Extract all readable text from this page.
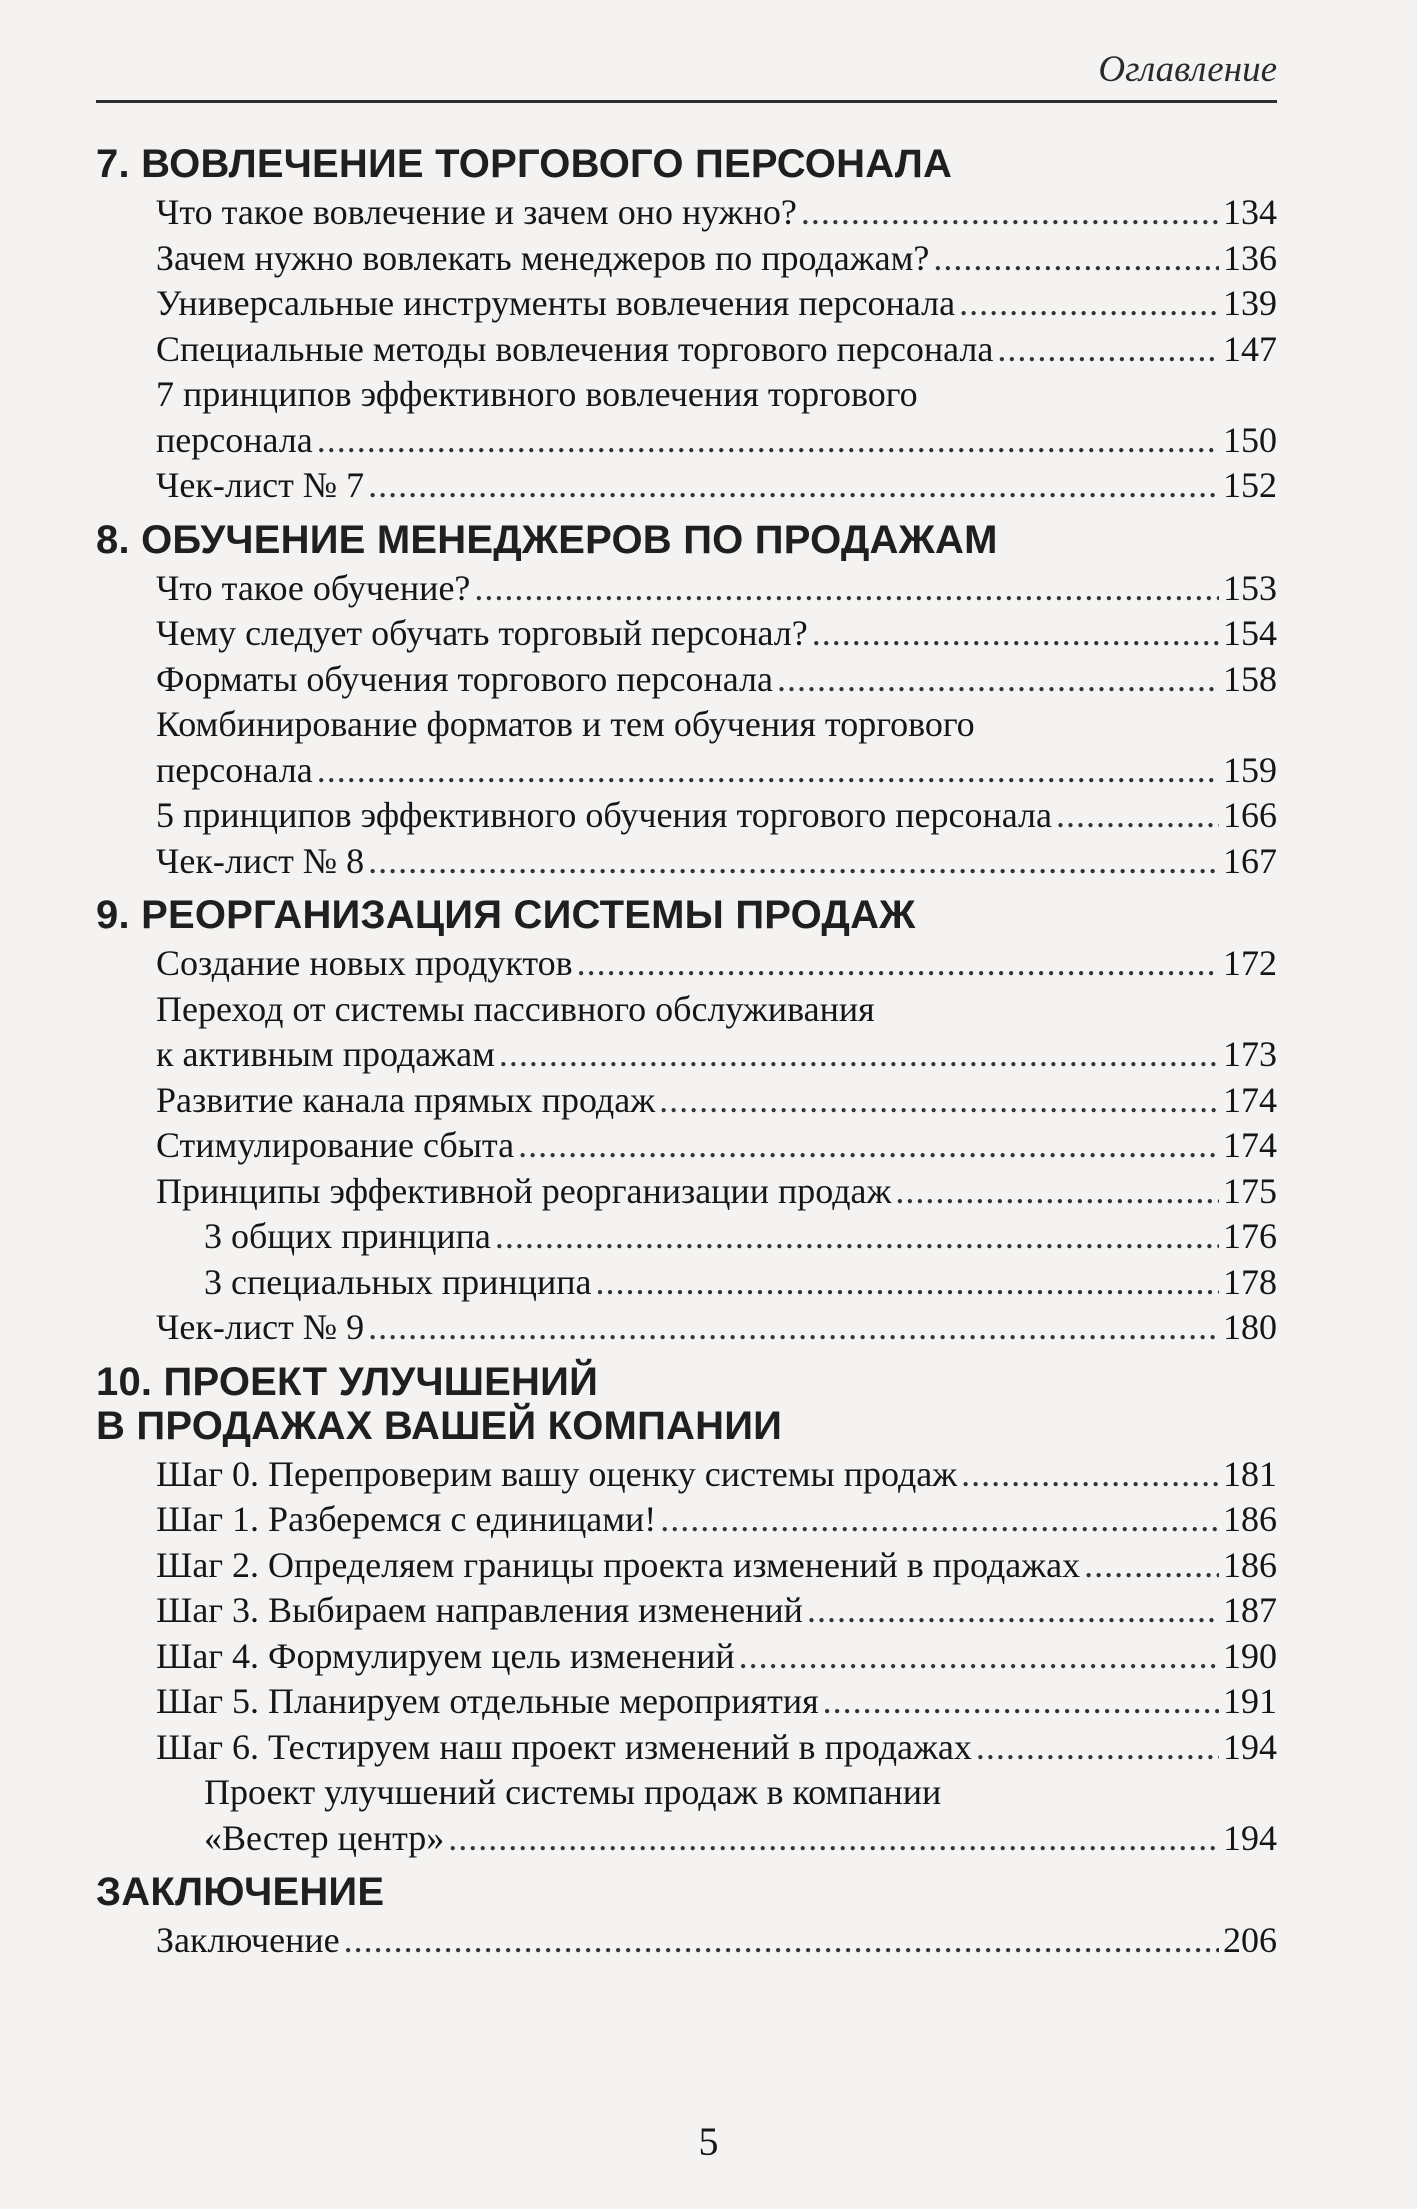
Оглавление
7. ВОВЛЕЧЕНИЕ ТОРГОВОГО ПЕРСОНАЛА
Что такое вовлечение и зачем оно нужно? .....	134
Зачем нужно вовлекать менеджеров по продажам? .....	136
Универсальные инструменты вовлечения персонала .....	139
Специальные методы вовлечения торгового персонала .....	147
7 принципов эффективного вовлечения торгового
персонала .....	150
Чек-лист № 7 .....	152
8. ОБУЧЕНИЕ МЕНЕДЖЕРОВ ПО ПРОДАЖАМ
Что такое обучение? .....	153
Чему следует обучать торговый персонал? .....	154
Форматы обучения торгового персонала .....	158
Комбинирование форматов и тем обучения торгового
персонала .....	159
5 принципов эффективного обучения торгового персонала .....	166
Чек-лист № 8 .....	167
9. РЕОРГАНИЗАЦИЯ СИСТЕМЫ ПРОДАЖ
Создание новых продуктов .....	172
Переход от системы пассивного обслуживания
к активным продажам .....	173
Развитие канала прямых продаж .....	174
Стимулирование сбыта .....	174
Принципы эффективной реорганизации продаж .....	175
3 общих принципа .....	176
3 специальных принципа .....	178
Чек-лист № 9 .....	180
10. ПРОЕКТ УЛУЧШЕНИЙ
В ПРОДАЖАХ ВАШЕЙ КОМПАНИИ
Шаг 0. Перепроверим вашу оценку системы продаж .....	181
Шаг 1. Разберемся с единицами! .....	186
Шаг 2. Определяем границы проекта изменений в продажах .....	186
Шаг 3. Выбираем направления изменений .....	187
Шаг 4. Формулируем цель изменений .....	190
Шаг 5. Планируем отдельные мероприятия .....	191
Шаг 6. Тестируем наш проект изменений в продажах .....	194
Проект улучшений системы продаж в компании
«Вестер центр» .....	194
ЗАКЛЮЧЕНИЕ
Заключение .....	206
5
